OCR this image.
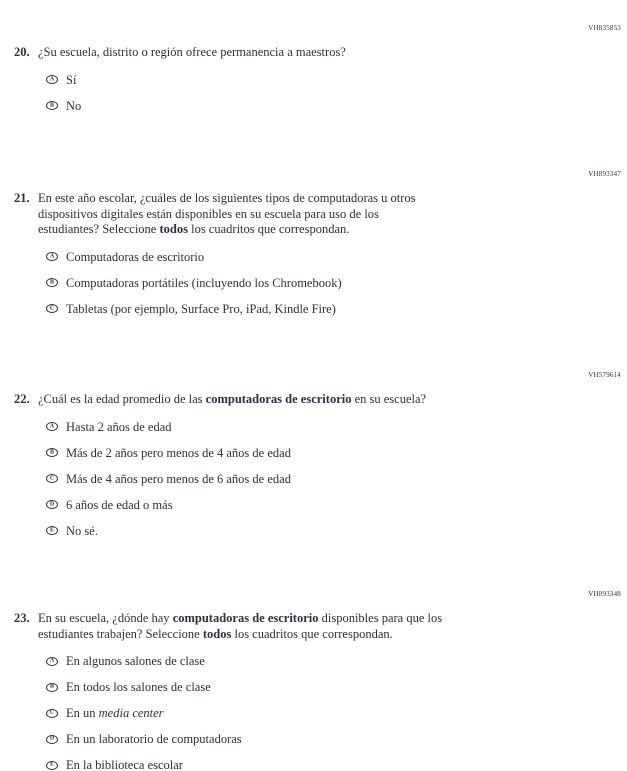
VH835853
20. ¿Su escuela, distrito o región ofrece permanencia a maestros?
A Sí
B No
VH893347
21. En este año escolar, ¿cuáles de los siguientes tipos de computadoras u otros
dispositivos digitales están disponibles en su escuela para uso de los
estudiantes? Seleccione todos los cuadritos que correspondan.
A Computadoras de escritorio
B Computadoras portátiles (incluyendo los Chromebook)
C Tabletas (por ejemplo, Surface Pro, iPad, Kindle Fire)
VH579614
22. ¿Cuál es la edad promedio de las computadoras de escritorio en su escuela?
A Hasta 2 años de edad
B Más de 2 años pero menos de 4 años de edad
C Más de 4 años pero menos de 6 años de edad
D 6 años de edad o más
E No sé.
VH893348
23. En su escuela, ¿dónde hay computadoras de escritorio disponibles para que los
estudiantes trabajen? Seleccione todos los cuadritos que correspondan.
A En algunos salones de clase
B En todos los salones de clase
C En un media center
D En un laboratorio de computadoras
E En la biblioteca escolar
